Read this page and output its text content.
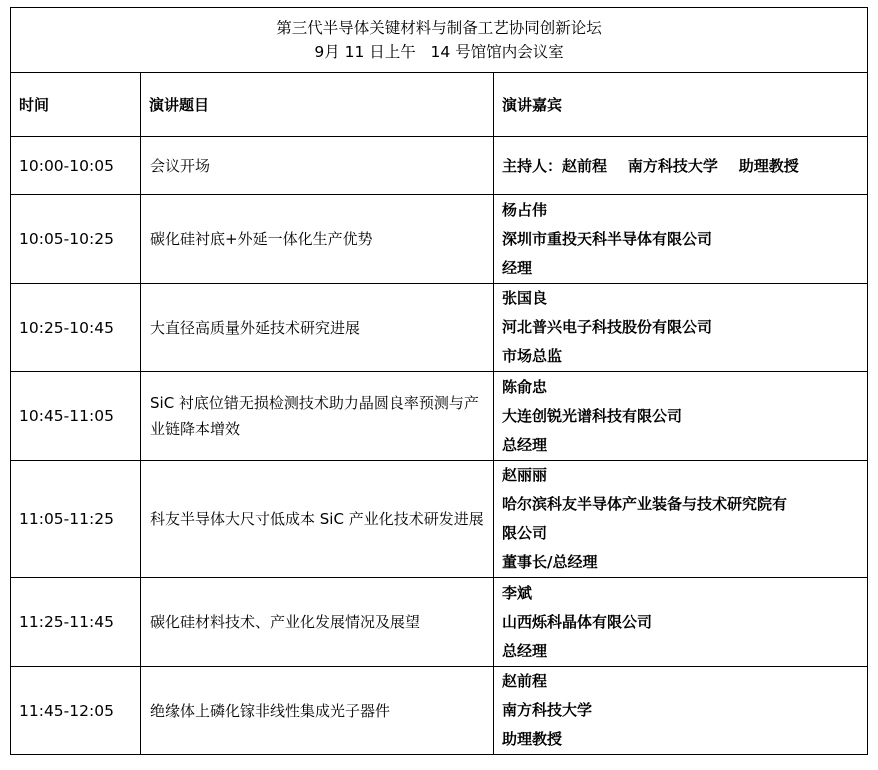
第三代半导体关键材料与制备工艺协同创新论坛
9月 11 日上午   14 号馆馆内会议室		

时间	演讲题目	演讲嘉宾
10:00-10:05	会议开场	主持人：赵前程    南方科技大学    助理教授
10:05-10:25	碳化硅衬底+外延一体化生产优势	杨占伟
深圳市重投天科半导体有限公司
经理

10:25-10:45	大直径高质量外延技术研究进展	张国良
河北普兴电子科技股份有限公司
市场总监

10:45-11:05	SiC 衬底位错无损检测技术助力晶圆良率预测与产业链降本增效	陈俞忠
大连创锐光谱科技有限公司
总经理

11:05-11:25	科友半导体大尺寸低成本 SiC 产业化技术研发进展	赵丽丽
哈尔滨科友半导体产业装备与技术研究院有
限公司
董事长/总经理

11:25-11:45	碳化硅材料技术、产业化发展情况及展望	李斌
山西烁科晶体有限公司
总经理

11:45-12:05	绝缘体上磷化镓非线性集成光子器件	赵前程
南方科技大学
助理教授
